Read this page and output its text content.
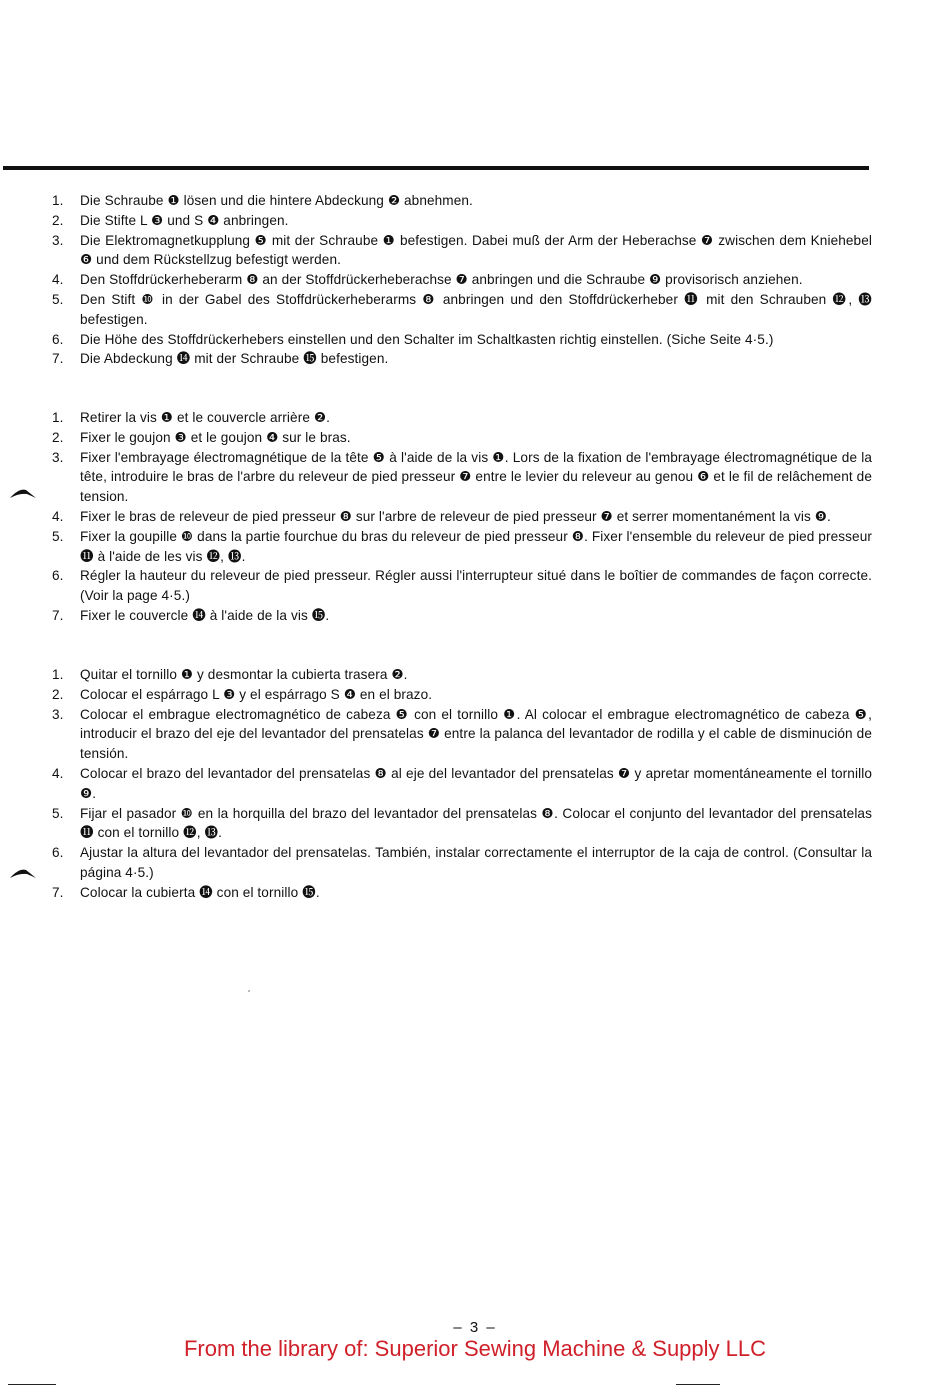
1.	Die Schraube ❶ lösen und die hintere Abdeckung ❷ abnehmen.
2.	Die Stifte L ❸ und S ❹ anbringen.
3.	Die Elektromagnetkupplung ❺ mit der Schraube ❶ befestigen. Dabei muß der Arm der Heberachse ❼ zwischen dem Kniehebel ❻ und dem Rückstellzug befestigt werden.
4.	Den Stoffdrückerheberarm ❽ an der Stoffdrückerheberachse ❼ anbringen und die Schraube ❾ provisorisch anziehen.
5.	Den Stift ❿ in der Gabel des Stoffdrückerheberarms ❽ anbringen und den Stoffdrückerheber ⓫ mit den Schrauben ⓬, ⓭ befestigen.
6.	Die Höhe des Stoffdrückerhebers einstellen und den Schalter im Schaltkasten richtig einstellen. (Siche Seite 4·5.)
7.	Die Abdeckung ⓮ mit der Schraube ⓯ befestigen.
1.	Retirer la vis ❶ et le couvercle arrière ❷.
2.	Fixer le goujon ❸ et le goujon ❹ sur le bras.
3.	Fixer l'embrayage électromagnétique de la tête ❺ à l'aide de la vis ❶. Lors de la fixation de l'embrayage électromagnétique de la tête, introduire le bras de l'arbre du releveur de pied presseur ❼ entre le levier du releveur au genou ❻ et le fil de relâchement de tension.
4.	Fixer le bras de releveur de pied presseur ❽ sur l'arbre de releveur de pied presseur ❼ et serrer momentanément la vis ❾.
5.	Fixer la goupille ❿ dans la partie fourchue du bras du releveur de pied presseur ❽. Fixer l'ensemble du releveur de pied presseur ⓫ à l'aide de les vis ⓬, ⓭.
6.	Régler la hauteur du releveur de pied presseur. Régler aussi l'interrupteur situé dans le boîtier de commandes de façon correcte. (Voir la page 4·5.)
7.	Fixer le couvercle ⓮ à l'aide de la vis ⓯.
1.	Quitar el tornillo ❶ y desmontar la cubierta trasera ❷.
2.	Colocar el espárrago L ❸ y el espárrago S ❹ en el brazo.
3.	Colocar el embrague electromagnético de cabeza ❺ con el tornillo ❶. Al colocar el embrague electromagnético de cabeza ❺, introducir el brazo del eje del levantador del prensatelas ❼ entre la palanca del levantador de rodilla y el cable de disminución de tensión.
4.	Colocar el brazo del levantador del prensatelas ❽ al eje del levantador del prensatelas ❼ y apretar momentáneamente el tornillo ❾.
5.	Fijar el pasador ❿ en la horquilla del brazo del levantador del prensatelas ❽. Colocar el conjunto del levantador del prensatelas ⓫ con el tornillo ⓬, ⓭.
6.	Ajustar la altura del levantador del prensatelas. También, instalar correctamente el interruptor de la caja de control. (Consultar la página 4·5.)
7.	Colocar la cubierta ⓮ con el tornillo ⓯.
– 3 –
From the library of: Superior Sewing Machine & Supply LLC
